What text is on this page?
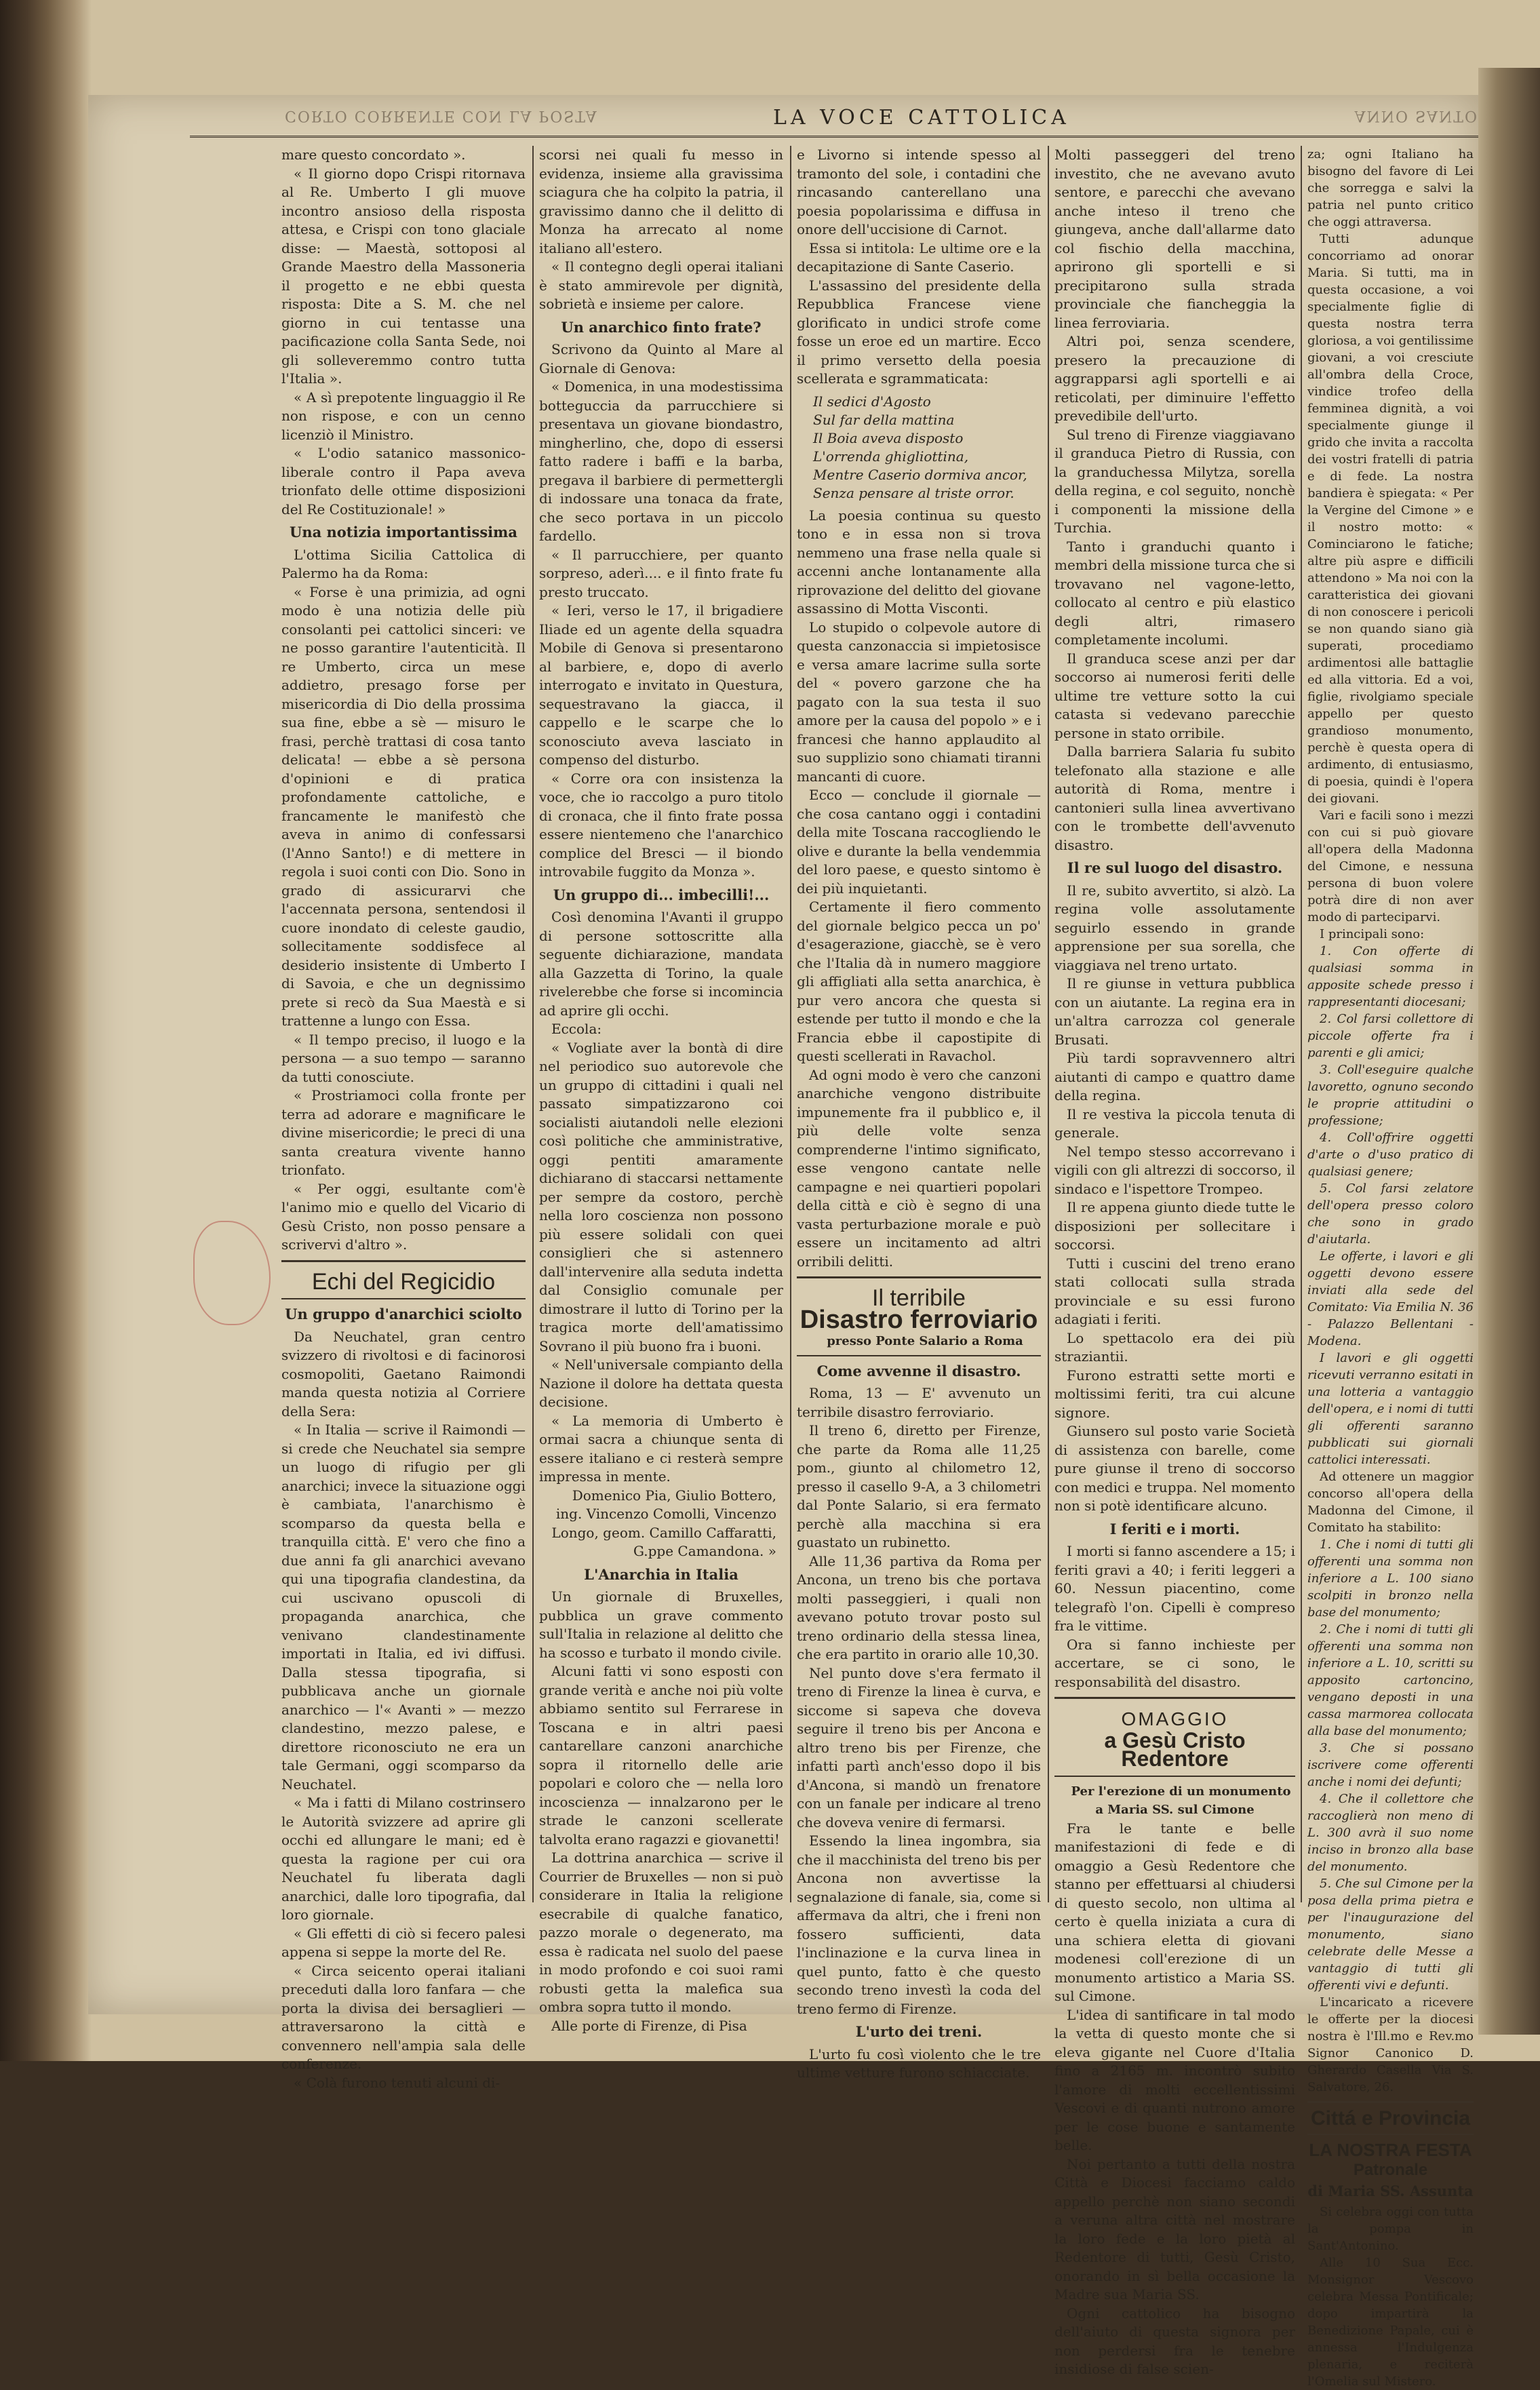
CORTO CORRENTE CON LA POSTA	LA VOCE CATTOLICA	ANNO SANTO

mare questo concordato ».

« Il giorno dopo Crispi ritornava al Re. Umberto I gli muove incontro ansioso della risposta attesa, e Crispi con tono glaciale disse: — Maestà, sottoposi al Grande Maestro della Massoneria il progetto e ne ebbi questa risposta: Dite a S. M. che nel giorno in cui tentasse una pacificazione colla Santa Sede, noi gli solleveremmo contro tutta l'Italia ».

« A sì prepotente linguaggio il Re non rispose, e con un cenno licenziò il Ministro.

« L'odio satanico massonico-liberale contro il Papa aveva trionfato delle ottime disposizioni del Re Costituzionale! »

Una notizia importantissima

L'ottima Sicilia Cattolica di Palermo ha da Roma:

« Forse è una primizia, ad ogni modo è una notizia delle più consolanti pei cattolici sinceri: ve ne posso garantire l'autenticità. Il re Umberto, circa un mese addietro, presago forse per misericordia di Dio della prossima sua fine, ebbe a sè — misuro le frasi, perchè trattasi di cosa tanto delicata! — ebbe a sè persona d'opinioni e di pratica profondamente cattoliche, e francamente le manifestò che aveva in animo di confessarsi (l'Anno Santo!) e di mettere in regola i suoi conti con Dio. Sono in grado di assicurarvi che l'accennata persona, sentendosi il cuore inondato di celeste gaudio, sollecitamente soddisfece al desiderio insistente di Umberto I di Savoia, e che un degnissimo prete si recò da Sua Maestà e si trattenne a lungo con Essa.

« Il tempo preciso, il luogo e la persona — a suo tempo — saranno da tutti conosciute.

« Prostriamoci colla fronte per terra ad adorare e magnificare le divine misericordie; le preci di una santa creatura vivente hanno trionfato.

« Per oggi, esultante com'è l'animo mio e quello del Vicario di Gesù Cristo, non posso pensare a scrivervi d'altro ».

Echi del Regicidio
Un gruppo d'anarchici sciolto

Da Neuchatel, gran centro svizzero di rivoltosi e di facinorosi cosmopoliti, Gaetano Raimondi manda questa notizia al Corriere della Sera:

« In Italia — scrive il Raimondi — si crede che Neuchatel sia sempre un luogo di rifugio per gli anarchici; invece la situazione oggi è cambiata, l'anarchismo è scomparso da questa bella e tranquilla città. E' vero che fino a due anni fa gli anarchici avevano qui una tipografia clandestina, da cui uscivano opuscoli di propaganda anarchica, che venivano clandestinamente importati in Italia, ed ivi diffusi. Dalla stessa tipografia, si pubblicava anche un giornale anarchico — l'« Avanti » — mezzo clandestino, mezzo palese, e direttore riconosciuto ne era un tale Germani, oggi scomparso da Neuchatel.

« Ma i fatti di Milano costrinsero le Autorità svizzere ad aprire gli occhi ed allungare le mani; ed è questa la ragione per cui ora Neuchatel fu liberata dagli anarchici, dalle loro tipografia, dal loro giornale.

« Gli effetti di ciò si fecero palesi appena si seppe la morte del Re.

« Circa seicento operai italiani preceduti dalla loro fanfara — che porta la divisa dei bersaglieri — attraversarono la città e convennero nell'ampia sala delle conferenze.

« Colà furono tenuti alcuni di-

scorsi nei quali fu messo in evidenza, insieme alla gravissima sciagura che ha colpito la patria, il gravissimo danno che il delitto di Monza ha arrecato al nome italiano all'estero.

« Il contegno degli operai italiani è stato ammirevole per dignità, sobrietà e insieme per calore.

Un anarchico finto frate?

Scrivono da Quinto al Mare al Giornale di Genova:

« Domenica, in una modestissima botteguccia da parrucchiere si presentava un giovane biondastro, mingherlino, che, dopo di essersi fatto radere i baffi e la barba, pregava il barbiere di permettergli di indossare una tonaca da frate, che seco portava in un piccolo fardello.

« Il parrucchiere, per quanto sorpreso, aderì.... e il finto frate fu presto truccato.

« Ieri, verso le 17, il brigadiere Iliade ed un agente della squadra Mobile di Genova si presentarono al barbiere, e, dopo di averlo interrogato e invitato in Questura, sequestravano la giacca, il cappello e le scarpe che lo sconosciuto aveva lasciato in compenso del disturbo.

« Corre ora con insistenza la voce, che io raccolgo a puro titolo di cronaca, che il finto frate possa essere nientemeno che l'anarchico complice del Bresci — il biondo introvabile fuggito da Monza ».

Un gruppo di... imbecilli!...

Così denomina l'Avanti il gruppo di persone sottoscritte alla seguente dichiarazione, mandata alla Gazzetta di Torino, la quale rivelerebbe che forse si incomincia ad aprire gli occhi.

Eccola:

« Vogliate aver la bontà di dire nel periodico suo autorevole che un gruppo di cittadini i quali nel passato simpatizzarono coi socialisti aiutandoli nelle elezioni così politiche che amministrative, oggi pentiti amaramente dichiarano di staccarsi nettamente per sempre da costoro, perchè nella loro coscienza non possono più essere solidali con quei consiglieri che si astennero dall'intervenire alla seduta indetta dal Consiglio comunale per dimostrare il lutto di Torino per la tragica morte dell'amatissimo Sovrano il più buono fra i buoni.

« Nell'universale compianto della Nazione il dolore ha dettata questa decisione.

« La memoria di Umberto è ormai sacra a chiunque senta di essere italiano e ci resterà sempre impressa in mente.

Domenico Pia, Giulio Bottero, ing. Vincenzo Comolli, Vincenzo Longo, geom. Camillo Caffaratti, G.ppe Camandona. »

L'Anarchia in Italia

Un giornale di Bruxelles, pubblica un grave commento sull'Italia in relazione al delitto che ha scosso e turbato il mondo civile.

Alcuni fatti vi sono esposti con grande verità e anche noi più volte abbiamo sentito sul Ferrarese in Toscana e in altri paesi cantarellare canzoni anarchiche sopra il ritornello delle arie popolari e coloro che — nella loro incoscienza — innalzarono per le strade le canzoni scellerate talvolta erano ragazzi e giovanetti!

La dottrina anarchica — scrive il Courrier de Bruxelles — non si può considerare in Italia la religione esecrabile di qualche fanatico, pazzo morale o degenerato, ma essa è radicata nel suolo del paese in modo profondo e coi suoi rami robusti getta la malefica sua ombra sopra tutto il mondo.

Alle porte di Firenze, di Pisa

e Livorno si intende spesso al tramonto del sole, i contadini che rincasando canterellano una poesia popolarissima e diffusa in onore dell'uccisione di Carnot.

Essa si intitola: Le ultime ore e la decapitazione di Sante Caserio.

L'assassino del presidente della Repubblica Francese viene glorificato in undici strofe come fosse un eroe ed un martire. Ecco il primo versetto della poesia scellerata e sgrammaticata:

Il sedici d'Agosto
Sul far della mattina
Il Boia aveva disposto
L'orrenda ghigliottina,
Mentre Caserio dormiva ancor,
Senza pensare al triste orror.

La poesia continua su questo tono e in essa non si trova nemmeno una frase nella quale si accenni anche lontanamente alla riprovazione del delitto del giovane assassino di Motta Visconti.

Lo stupido o colpevole autore di questa canzonaccia si impietosisce e versa amare lacrime sulla sorte del « povero garzone che ha pagato con la sua testa il suo amore per la causa del popolo » e i francesi che hanno applaudito al suo supplizio sono chiamati tiranni mancanti di cuore.

Ecco — conclude il giornale — che cosa cantano oggi i contadini della mite Toscana raccogliendo le olive e durante la bella vendemmia del loro paese, e questo sintomo è dei più inquietanti.

Certamente il fiero commento del giornale belgico pecca un po' d'esagerazione, giacchè, se è vero che l'Italia dà in numero maggiore gli affigliati alla setta anarchica, è pur vero ancora che questa si estende per tutto il mondo e che la Francia ebbe il capostipite di questi scellerati in Ravachol.

Ad ogni modo è vero che canzoni anarchiche vengono distribuite impunemente fra il pubblico e, il più delle volte senza comprenderne l'intimo significato, esse vengono cantate nelle campagne e nei quartieri popolari della città e ciò è segno di una vasta perturbazione morale e può essere un incitamento ad altri orribili delitti.

Il terribile
Disastro ferroviario

presso Ponte Salario a Roma

Come avvenne il disastro.

Roma, 13 — E' avvenuto un terribile disastro ferroviario.

Il treno 6, diretto per Firenze, che parte da Roma alle 11,25 pom., giunto al chilometro 12, presso il casello 9-A, a 3 chilometri dal Ponte Salario, si era fermato perchè alla macchina si era guastato un rubinetto.

Alle 11,36 partiva da Roma per Ancona, un treno bis che portava molti passeggieri, i quali non avevano potuto trovar posto sul treno ordinario della stessa linea, che era partito in orario alle 10,30.

Nel punto dove s'era fermato il treno di Firenze la linea è curva, e siccome si sapeva che doveva seguire il treno bis per Ancona e altro treno bis per Firenze, che infatti partì anch'esso dopo il bis d'Ancona, si mandò un frenatore con un fanale per indicare al treno che doveva venire di fermarsi.

Essendo la linea ingombra, sia che il macchinista del treno bis per Ancona non avvertisse la segnalazione di fanale, sia, come si affermava da altri, che i freni non fossero sufficienti, data l'inclinazione e la curva linea in quel punto, fatto è che questo secondo treno investì la coda del treno fermo di Firenze.

L'urto dei treni.

L'urto fu così violento che le tre ultime vetture furono schiacciate.

Molti passeggeri del treno investito, che ne avevano avuto sentore, e parecchi che avevano anche inteso il treno che giungeva, anche dall'allarme dato col fischio della macchina, aprirono gli sportelli e si precipitarono sulla strada provinciale che fiancheggia la linea ferroviaria.

Altri poi, senza scendere, presero la precauzione di aggrapparsi agli sportelli e ai reticolati, per diminuire l'effetto prevedibile dell'urto.

Sul treno di Firenze viaggiavano il granduca Pietro di Russia, con la granduchessa Milytza, sorella della regina, e col seguito, nonchè i componenti la missione della Turchia.

Tanto i granduchi quanto i membri della missione turca che si trovavano nel vagone-letto, collocato al centro e più elastico degli altri, rimasero completamente incolumi.

Il granduca scese anzi per dar soccorso ai numerosi feriti delle ultime tre vetture sotto la cui catasta si vedevano parecchie persone in stato orribile.

Dalla barriera Salaria fu subito telefonato alla stazione e alle autorità di Roma, mentre i cantonieri sulla linea avvertivano con le trombette dell'avvenuto disastro.

Il re sul luogo del disastro.

Il re, subito avvertito, si alzò. La regina volle assolutamente seguirlo essendo in grande apprensione per sua sorella, che viaggiava nel treno urtato.

Il re giunse in vettura pubblica con un aiutante. La regina era in un'altra carrozza col generale Brusati.

Più tardi sopravvennero altri aiutanti di campo e quattro dame della regina.

Il re vestiva la piccola tenuta di generale.

Nel tempo stesso accorrevano i vigili con gli altrezzi di soccorso, il sindaco e l'ispettore Trompeo.

Il re appena giunto diede tutte le disposizioni per sollecitare i soccorsi.

Tutti i cuscini del treno erano stati collocati sulla strada provinciale e su essi furono adagiati i feriti.

Lo spettacolo era dei più straziantii.

Furono estratti sette morti e moltissimi feriti, tra cui alcune signore.

Giunsero sul posto varie Società di assistenza con barelle, come pure giunse il treno di soccorso con medici e truppa. Nel momento non si potè identificare alcuno.

I feriti e i morti.

I morti si fanno ascendere a 15; i feriti gravi a 40; i feriti leggeri a 60. Nessun piacentino, come telegrafò l'on. Cipelli è compreso fra le vittime.

Ora si fanno inchieste per accertare, se ci sono, le responsabilità del disastro.

OMAGGIO
a Gesù Cristo Redentore

Per l'erezione di un monumento a Maria SS. sul Cimone

Fra le tante e belle manifestazioni di fede e di omaggio a Gesù Redentore che stanno per effettuarsi al chiudersi di questo secolo, non ultima al certo è quella iniziata a cura di una schiera eletta di giovani modenesi coll'erezione di un monumento artistico a Maria SS. sul Cimone.

L'idea di santificare in tal modo la vetta di questo monte che si eleva gigante nel Cuore d'Italia fino a 2165 m. incontrò subito l'amore di molti eccellentissimi Vescovi e di quanti nutrono amore per le cose buone e santamente belle.

Noi pertanto a tutti della nostra Città e Diocesi facciamo caldo appello perchè non siano secondi a veruna altra città nel mostrare la loro fede e la loro pietà al Redentore di tutti, Gesù Cristo, onorando in sì bella occasione la Madre sua Maria SS.

Ogni cattolico ha bisogno dell'aiuto di questa signora per non perdersi fra le tenebre insidiose di false scien-

za; ogni Italiano ha bisogno del favore di Lei che sorregga e salvi la patria nel punto critico che oggi attraversa.

Tutti adunque concorriamo ad onorar Maria. Si tutti, ma in questa occasione, a voi specialmente figlie di questa nostra terra gloriosa, a voi gentilissime giovani, a voi cresciute all'ombra della Croce, vindice trofeo della femminea dignità, a voi specialmente giunge il grido che invita a raccolta dei vostri fratelli di patria e di fede. La nostra bandiera è spiegata: « Per la Vergine del Cimone » e il nostro motto: « Cominciarono le fatiche; altre più aspre e difficili attendono » Ma noi con la caratteristica dei giovani di non conoscere i pericoli se non quando siano già superati, procediamo ardimentosi alle battaglie ed alla vittoria. Ed a voi, figlie, rivolgiamo speciale appello per questo grandioso monumento, perchè è questa opera di ardimento, di entusiasmo, di poesia, quindi è l'opera dei giovani.

Vari e facili sono i mezzi con cui si può giovare all'opera della Madonna del Cimone, e nessuna persona di buon volere potrà dire di non aver modo di parteciparvi.

I principali sono:

1. Con offerte di qualsiasi somma in apposite schede presso i rappresentanti diocesani;

2. Col farsi collettore di piccole offerte fra i parenti e gli amici;

3. Coll'eseguire qualche lavoretto, ognuno secondo le proprie attitudini o professione;

4. Coll'offrire oggetti d'arte o d'uso pratico di qualsiasi genere;

5. Col farsi zelatore dell'opera presso coloro che sono in grado d'aiutarla.

Le offerte, i lavori e gli oggetti devono essere inviati alla sede del Comitato: Via Emilia N. 36 - Palazzo Bellentani - Modena.

I lavori e gli oggetti ricevuti verranno esitati in una lotteria a vantaggio dell'opera, e i nomi di tutti gli offerenti saranno pubblicati sui giornali cattolici interessati.

Ad ottenere un maggior concorso all'opera della Madonna del Cimone, il Comitato ha stabilito:

1. Che i nomi di tutti gli offerenti una somma non inferiore a L. 100 siano scolpiti in bronzo nella base del monumento;

2. Che i nomi di tutti gli offerenti una somma non inferiore a L. 10, scritti su apposito cartoncino, vengano deposti in una cassa marmorea collocata alla base del monumento;

3. Che si possano iscrivere come offerenti anche i nomi dei defunti;

4. Che il collettore che raccoglierà non meno di L. 300 avrà il suo nome inciso in bronzo alla base del monumento.

5. Che sul Cimone per la posa della prima pietra e per l'inaugurazione del monumento, siano celebrate delle Messe a vantaggio di tutti gli offerenti vivi e defunti.

L'incaricato a ricevere le offerte per la diocesi nostra è l'Ill.mo e Rev.mo Signor Canonico D. Gherardo Casella Via S. Salvatore, 26.

Cittá e Provincia
LA NOSTRA FESTA
Patronale
di Maria SS. Assunta

Si celebra oggi con tutta la pompa in Sant'Antonino.

Alle 10 Sua Ecc. Monsignor Vescovo celebra Messa Pontificale; dopo impartirà la Benedizione Papale, cui è annessa l'Indulgenza plenaria, e reciterà l'Omelia sul Mistero.
